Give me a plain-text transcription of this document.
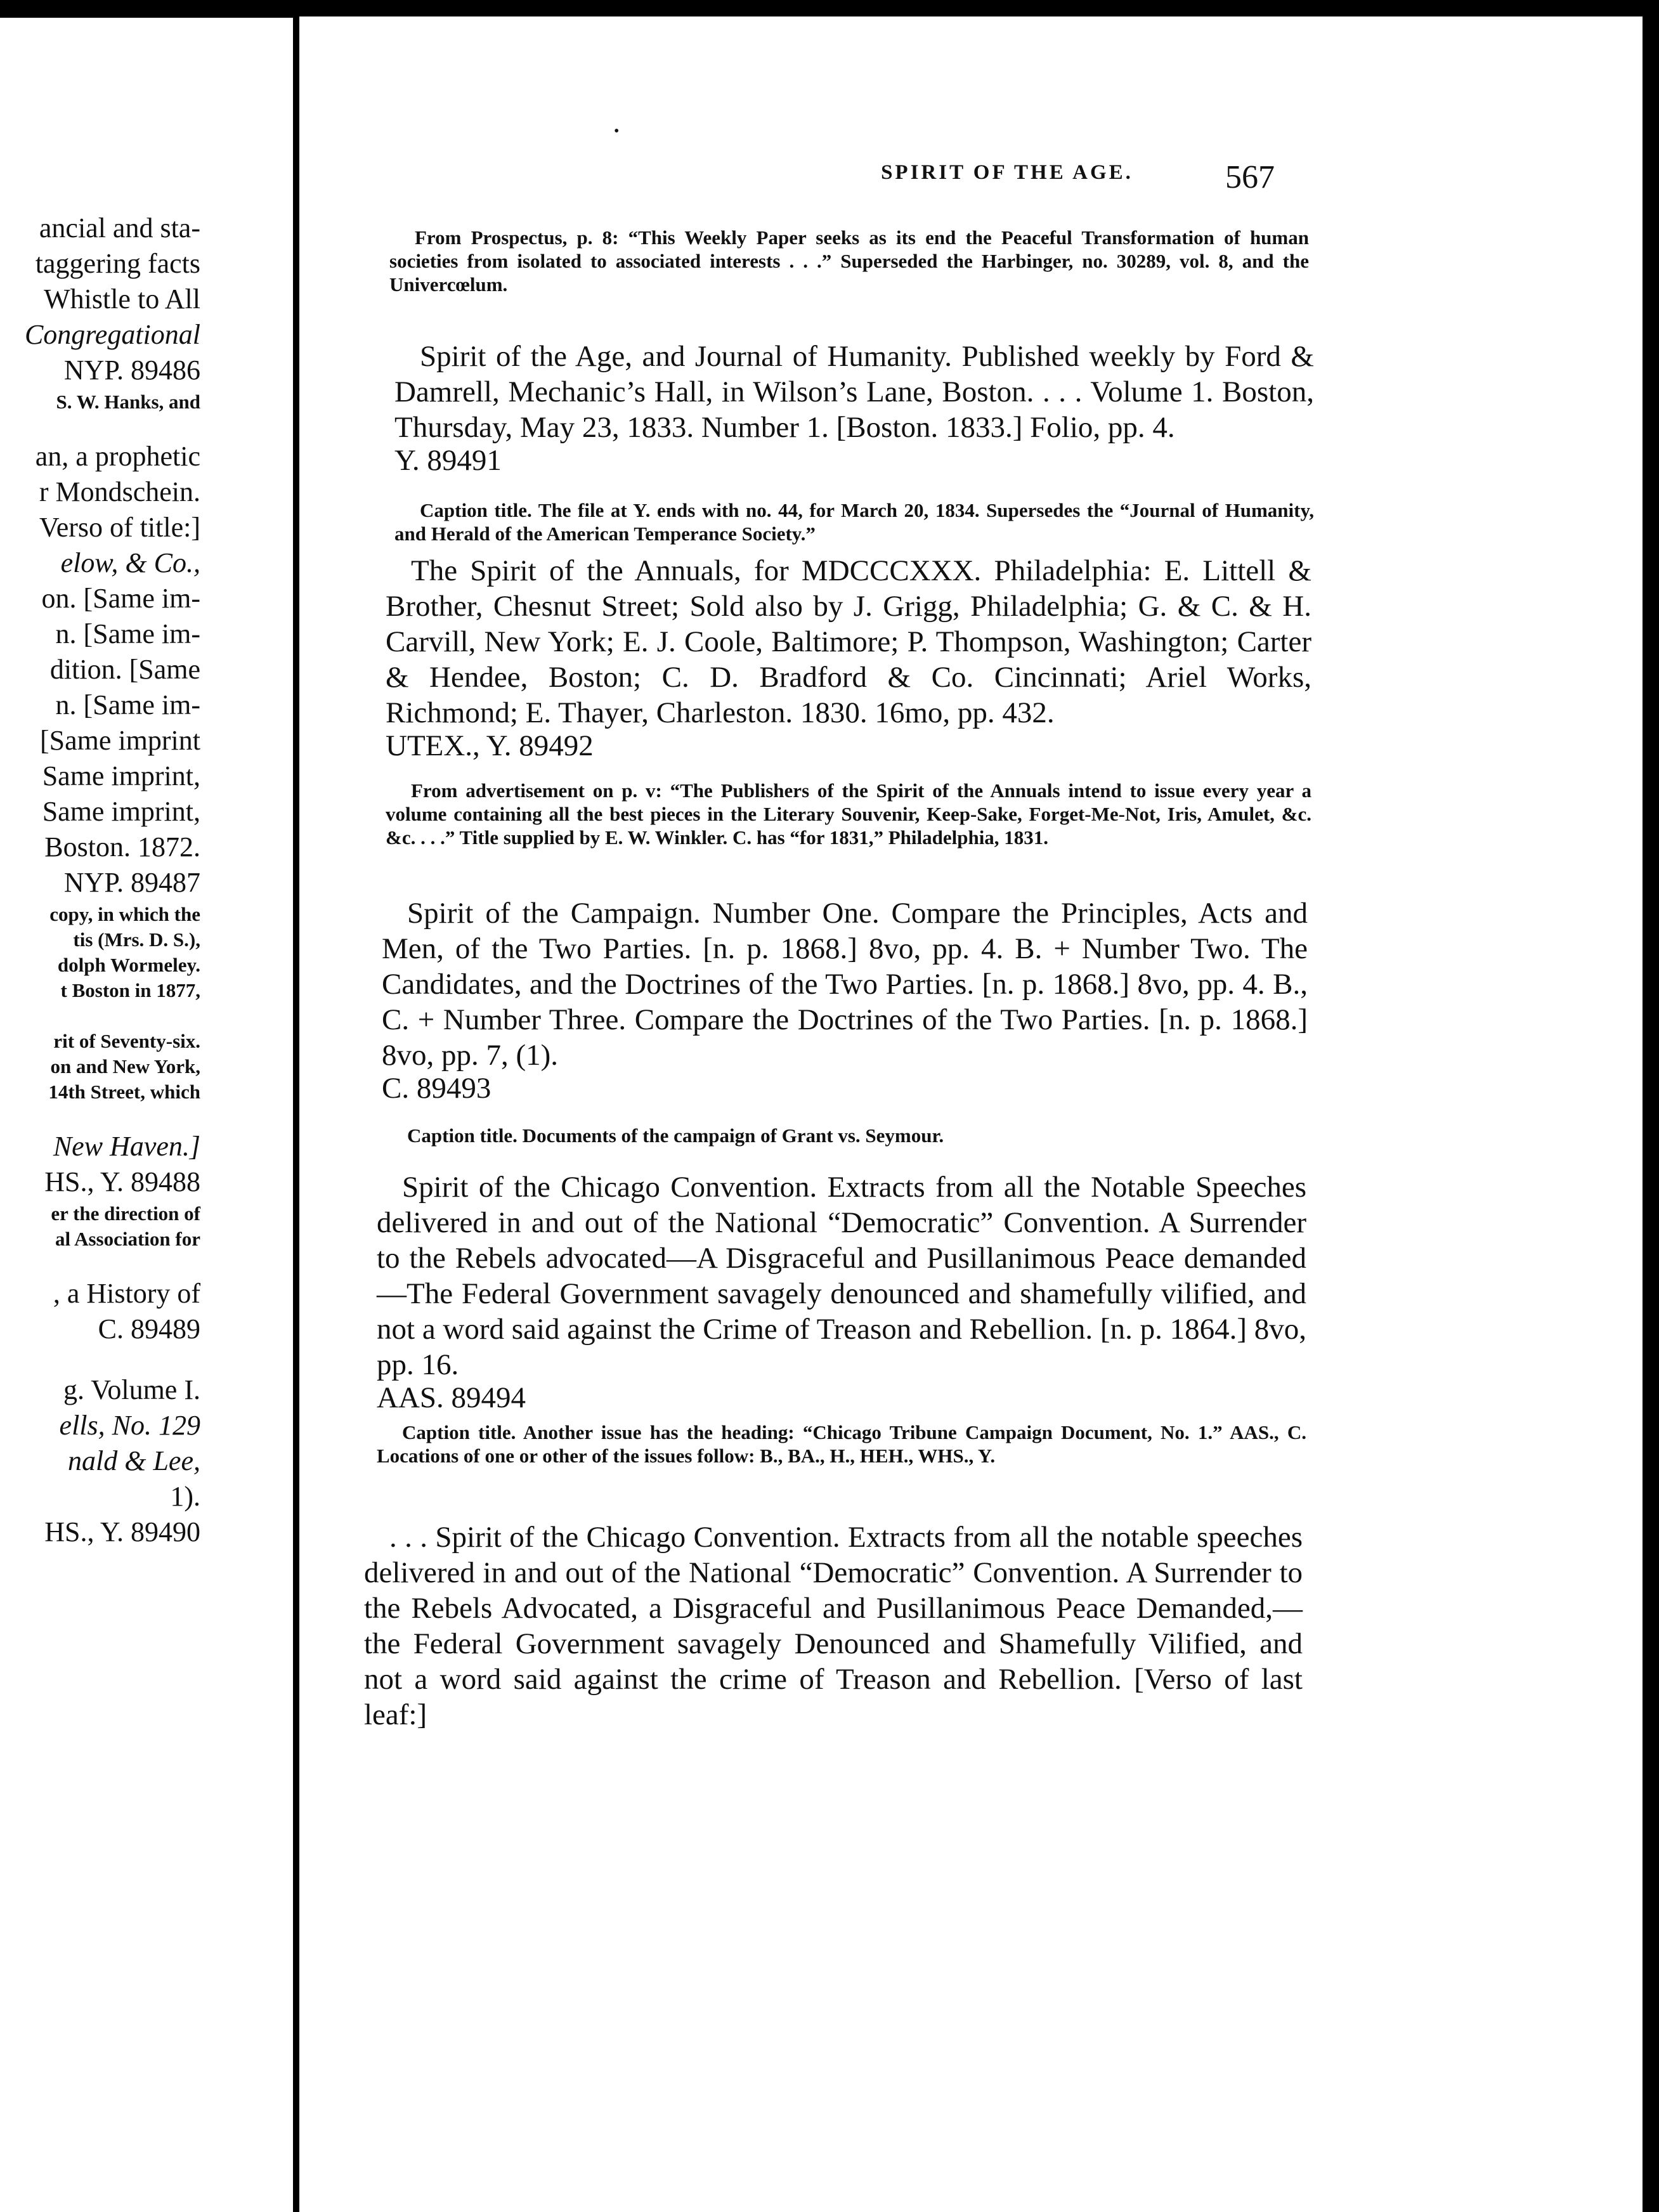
ancial and sta-
taggering facts
Whistle to All
Congregational
NYP. 89486
S. W. Hanks, and
an, a prophetic
r Mondschein.
Verso of title:]
elow, & Co.,
on. [Same im-
n. [Same im-
dition. [Same
n. [Same im-
[Same imprint
Same imprint,
Same imprint,
Boston. 1872.
NYP. 89487
copy, in which the
tis (Mrs. D. S.),
dolph Wormeley.
t Boston in 1877,
rit of Seventy-six.
on and New York,
14th Street, which
New Haven.]
HS., Y. 89488
er the direction of
al Association for
, a History of
C. 89489
g. Volume I.
ells, No. 129
nald & Lee,
1).
HS., Y. 89490
•
SPIRIT OF THE AGE.	567

From Prospectus, p. 8: “This Weekly Paper seeks as its end the Peaceful Transformation of human societies from isolated to associated interests . . .” Superseded the Harbinger, no. 30289, vol. 8, and the Univercœlum.

Spirit of the Age, and Journal of Humanity. Published weekly by Ford & Damrell, Mechanic’s Hall, in Wilson’s Lane, Boston. . . . Volume 1. Boston, Thursday, May 23, 1833. Number 1. [Boston. 1833.] Folio, pp. 4.

Y. 89491

Caption title. The file at Y. ends with no. 44, for March 20, 1834. Supersedes the “Journal of Humanity, and Herald of the American Temperance Society.”

The Spirit of the Annuals, for MDCCCXXX. Philadelphia: E. Littell & Brother, Chesnut Street; Sold also by J. Grigg, Philadelphia; G. & C. & H. Carvill, New York; E. J. Coole, Baltimore; P. Thompson, Washington; Carter & Hendee, Boston; C. D. Bradford & Co. Cincinnati; Ariel Works, Richmond; E. Thayer, Charleston. 1830. 16mo, pp. 432.

UTEX., Y. 89492

From advertisement on p. v: “The Publishers of the Spirit of the Annuals intend to issue every year a volume containing all the best pieces in the Literary Souvenir, Keep-Sake, Forget-Me-Not, Iris, Amulet, &c. &c. . . .” Title supplied by E. W. Winkler. C. has “for 1831,” Philadelphia, 1831.

Spirit of the Campaign. Number One. Compare the Principles, Acts and Men, of the Two Parties. [n. p. 1868.] 8vo, pp. 4. B. + Number Two. The Candidates, and the Doctrines of the Two Parties. [n. p. 1868.] 8vo, pp. 4. B., C. + Number Three. Compare the Doctrines of the Two Parties. [n. p. 1868.] 8vo, pp. 7, (1).

C. 89493

Caption title. Documents of the campaign of Grant vs. Seymour.

Spirit of the Chicago Convention. Extracts from all the Notable Speeches delivered in and out of the National “Democratic” Convention. A Surrender to the Rebels advocated—A Disgraceful and Pusillanimous Peace demanded—The Federal Government savagely denounced and shamefully vilified, and not a word said against the Crime of Treason and Rebellion. [n. p. 1864.] 8vo, pp. 16.

AAS. 89494

Caption title. Another issue has the heading: “Chicago Tribune Campaign Document, No. 1.” AAS., C. Locations of one or other of the issues follow: B., BA., H., HEH., WHS., Y.

. . . Spirit of the Chicago Convention. Extracts from all the notable speeches delivered in and out of the National “Democratic” Convention. A Surrender to the Rebels Advocated, a Disgraceful and Pusillanimous Peace Demanded,—the Federal Government savagely Denounced and Shamefully Vilified, and not a word said against the crime of Treason and Rebellion. [Verso of last leaf:]
